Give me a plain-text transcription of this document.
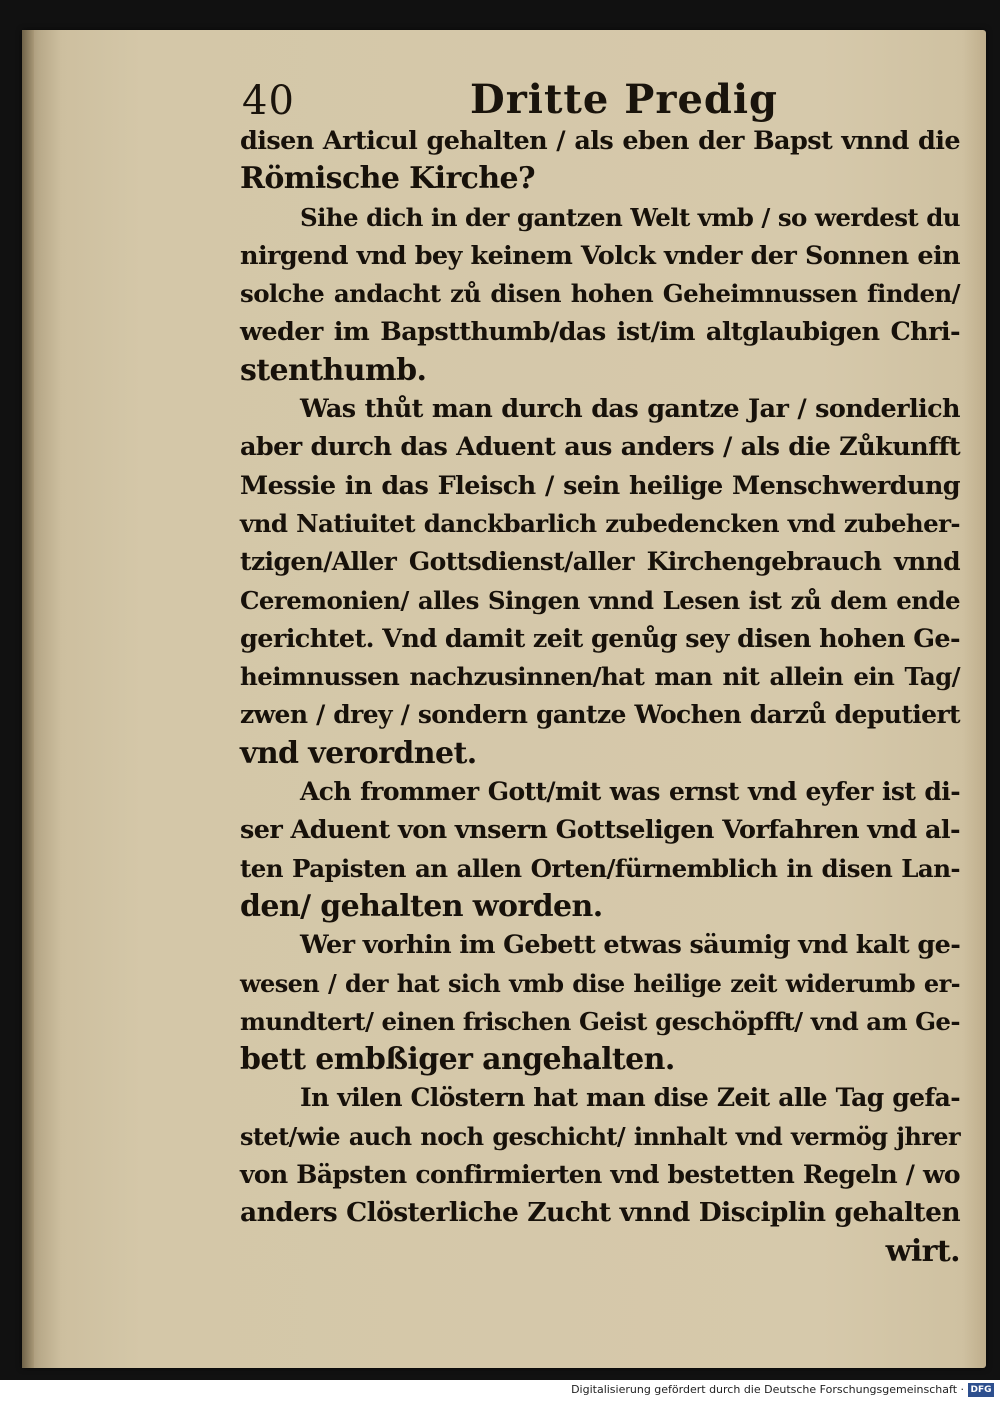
40	Dritte Predig
disen Articul gehalten / als eben der Bapst vnnd die
Römische Kirche?
Sihe dich in der gantzen Welt vmb / so werdest du
nirgend vnd bey keinem Volck vnder der Sonnen ein
solche andacht zů disen hohen Geheimnussen finden/
weder im Bapstthumb/das ist/im altglaubigen Chri-
stenthumb.
Was thůt man durch das gantze Jar / sonderlich
aber durch das Aduent aus anders / als die Zůkunfft
Messie in das Fleisch / sein heilige Menschwerdung
vnd Natiuitet danckbarlich zubedencken vnd zubeher-
tzigen/Aller Gottsdienst/aller Kirchengebrauch vnnd
Ceremonien/ alles Singen vnnd Lesen ist zů dem ende
gerichtet. Vnd damit zeit genůg sey disen hohen Ge-
heimnussen nachzusinnen/hat man nit allein ein Tag/
zwen / drey / sondern gantze Wochen darzů deputiert
vnd verordnet.
Ach frommer Gott/mit was ernst vnd eyfer ist di-
ser Aduent von vnsern Gottseligen Vorfahren vnd al-
ten Papisten an allen Orten/fürnemblich in disen Lan-
den/ gehalten worden.
Wer vorhin im Gebett etwas säumig vnd kalt ge-
wesen / der hat sich vmb dise heilige zeit widerumb er-
mundtert/ einen frischen Geist geschöpfft/ vnd am Ge-
bett embßiger angehalten.
In vilen Clöstern hat man dise Zeit alle Tag gefa-
stet/wie auch noch geschicht/ innhalt vnd vermög jhrer
von Bäpsten confirmierten vnd bestetten Regeln / wo
anders Clösterliche Zucht vnnd Disciplin gehalten
wirt.
Digitalisierung gefördert durch die Deutsche Forschungsgemeinschaft · DFG
